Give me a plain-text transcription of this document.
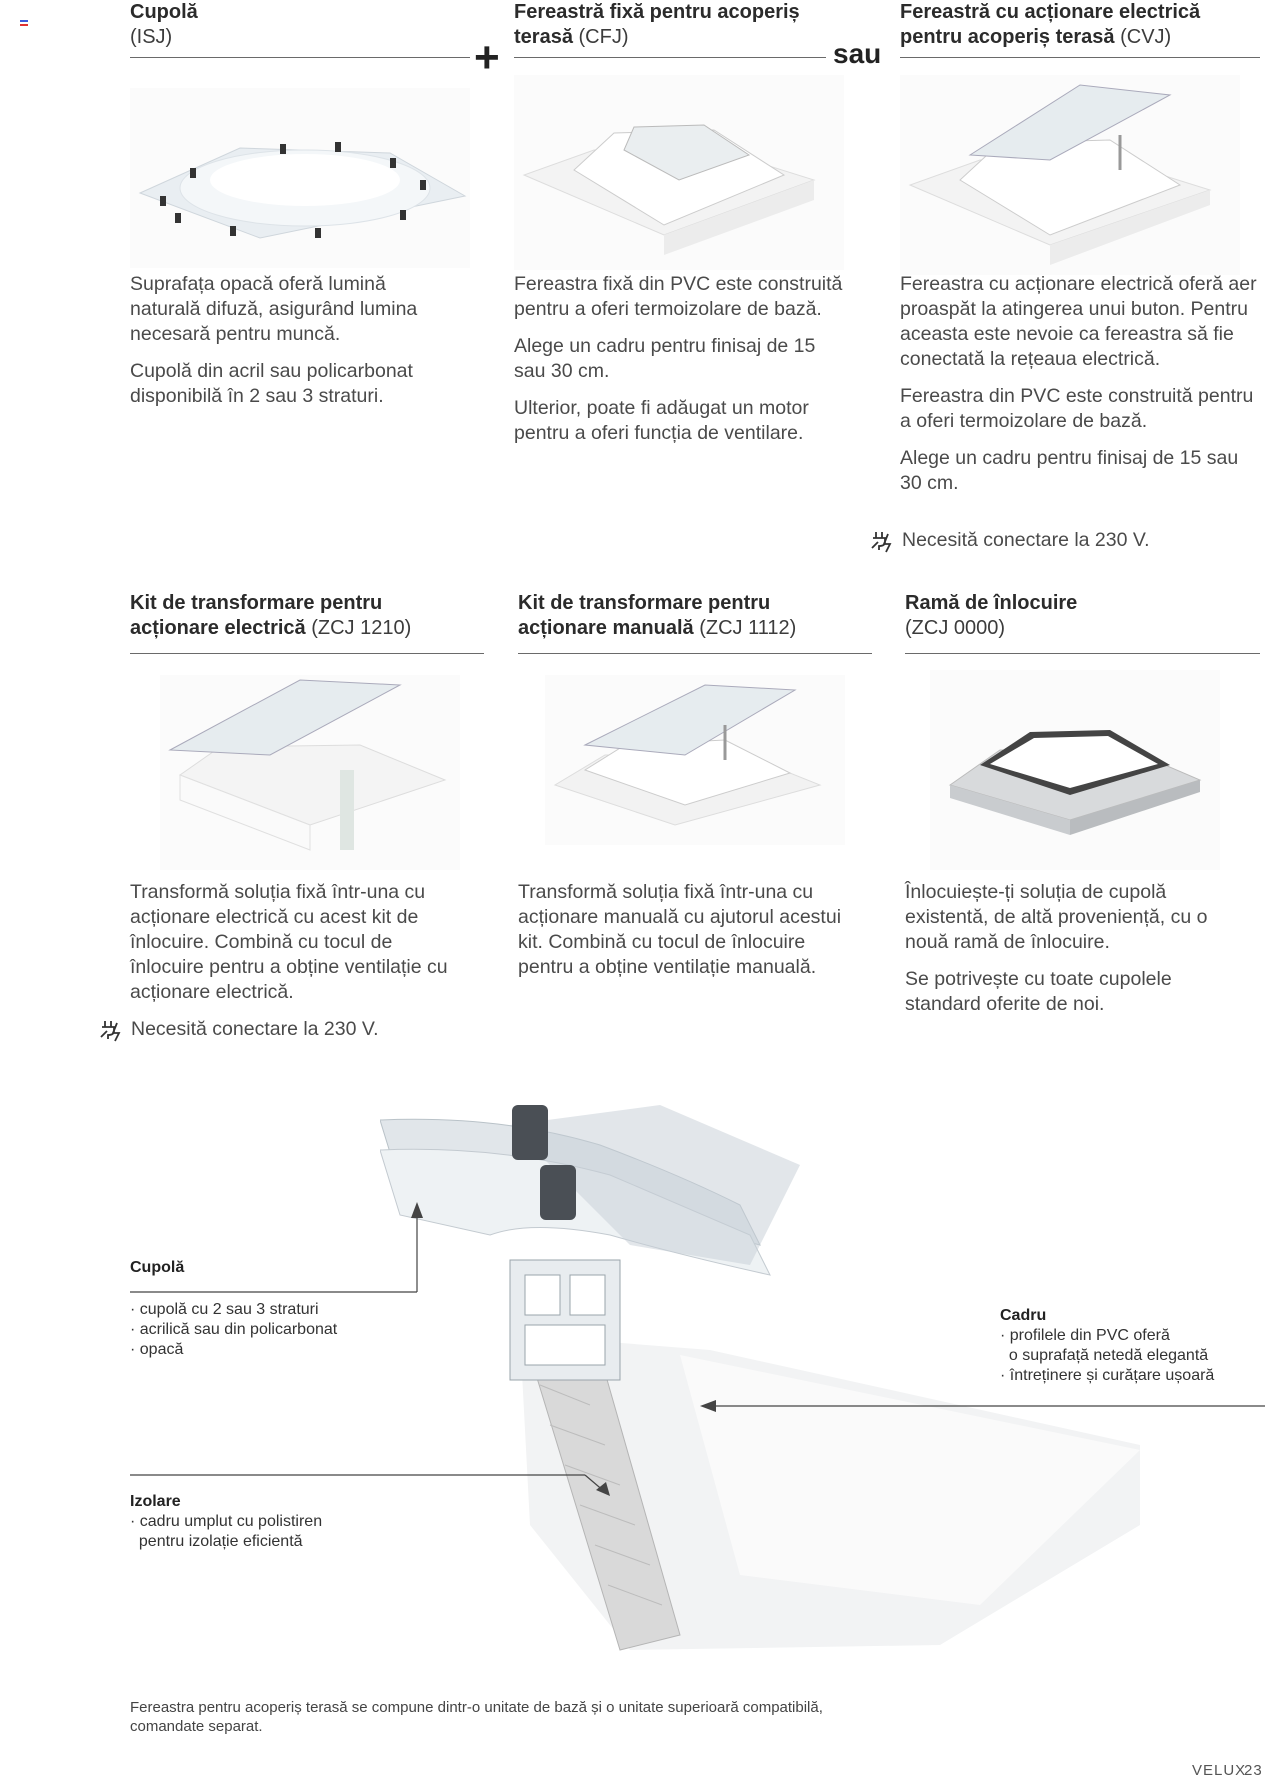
Cupolă
(ISJ)	+
Fereastră fixă pentru acoperiș terasă (CFJ)
sau
Fereastră cu acționare electrică pentru acoperiș terasă (CVJ)

Suprafața opacă oferă lumină naturală difuză, asigurând lumina necesară pentru muncă.

Cupolă din acril sau policarbonat disponibilă în 2 sau 3 straturi.

Fereastra fixă din PVC este construită pentru a oferi termoizolare de bază.

Alege un cadru pentru finisaj de 15 sau 30 cm.

Ulterior, poate fi adăugat un motor pentru a oferi funcția de ventilare.

Fereastra cu acționare electrică oferă aer proaspăt la atingerea unui buton. Pentru aceasta este nevoie ca fereastra să fie conectată la rețeaua electrică.

Fereastra din PVC este construită pentru a oferi termoizolare de bază.

Alege un cadru pentru finisaj de 15 sau 30 cm.

Necesită conectare la 230 V.
Kit de transformare pentru acționare electrică (ZCJ 1210)
Kit de transformare pentru acționare manuală (ZCJ 1112)
Ramă de înlocuire
(ZCJ 0000)

Transformă soluția fixă într-una cu acționare electrică cu acest kit de înlocuire. Combină cu tocul de înlocuire pentru a obține ventilație cu acționare electrică.

Necesită conectare la 230 V.

Transformă soluția fixă într-una cu acționare manuală cu ajutorul acestui kit. Combină cu tocul de înlocuire pentru a obține ventilație manuală.

Înlocuiește-ți soluția de cupolă existentă, de altă proveniență, cu o nouă ramă de înlocuire.

Se potrivește cu toate cupolele standard oferite de noi.

Cupolă
· cupolă cu 2 sau 3 straturi
· acrilică sau din policarbonat
· opacă
Cadru
· profilele din PVC oferă
o suprafață netedă elegantă
· întreținere și curățare ușoară
Izolare
· cadru umplut cu polistiren
pentru izolație eficientă
Fereastra pentru acoperiș terasă se compune dintr-o unitate de bază și o unitate superioară compatibilă, comandate separat.
VELUX
23
